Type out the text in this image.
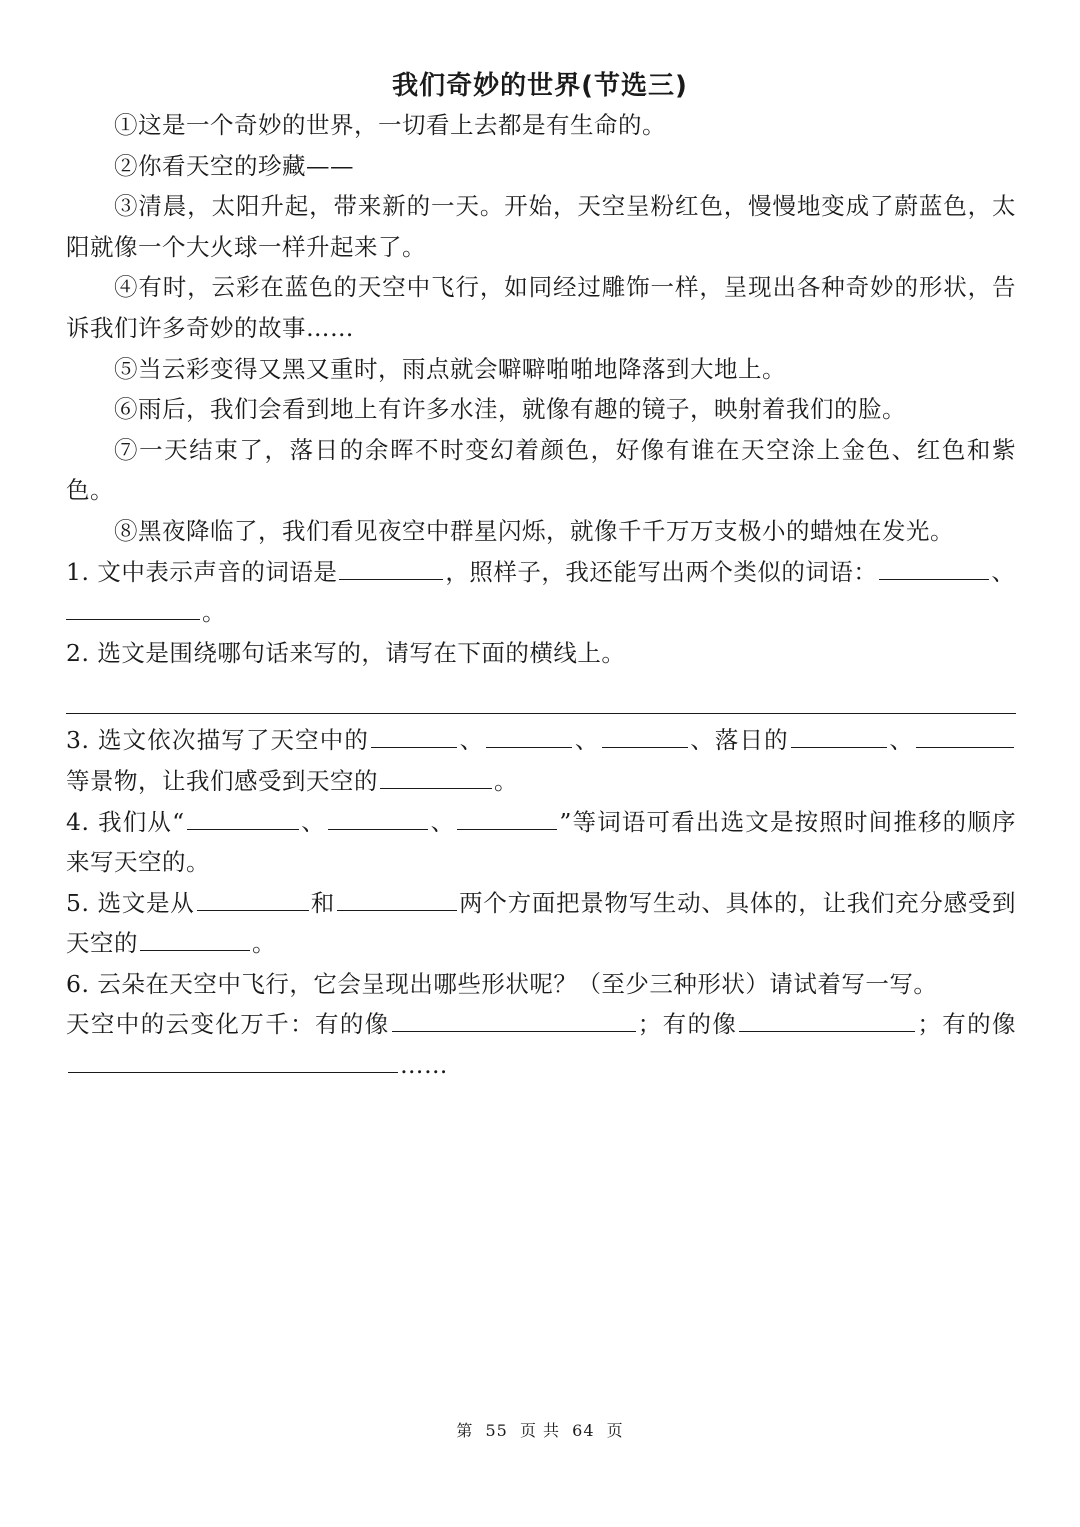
我们奇妙的世界(节选三)

①这是一个奇妙的世界，一切看上去都是有生命的。

②你看天空的珍藏——

③清晨，太阳升起，带来新的一天。开始，天空呈粉红色，慢慢地变成了蔚蓝色，太阳就像一个大火球一样升起来了。

④有时，云彩在蓝色的天空中飞行，如同经过雕饰一样，呈现出各种奇妙的形状，告诉我们许多奇妙的故事……

⑤当云彩变得又黑又重时，雨点就会噼噼啪啪地降落到大地上。

⑥雨后，我们会看到地上有许多水洼，就像有趣的镜子，映射着我们的脸。

⑦一天结束了，落日的余晖不时变幻着颜色，好像有谁在天空涂上金色、红色和紫色。

⑧黑夜降临了，我们看见夜空中群星闪烁，就像千千万万支极小的蜡烛在发光。

1. 文中表示声音的词语是	，照样子，我还能写出两个类似的词语：	、
。

2. 选文是围绕哪句话来写的，请写在下面的横线上。

3. 选文依次描写了天空中的	、	、	、落日的	、等景物，让我们感受到天空的	。

4. 我们从“	、	、	”等词语可看出选文是按照时间推移的顺序来写天空的。

5. 选文是从	和	两个方面把景物写生动、具体的，让我们充分感受到天空的	。

6. 云朵在天空中飞行，它会呈现出哪些形状呢？（至少三种形状）请试着写一写。

天空中的云变化万千：有的像	；有的像	；有的像……

第 55 页 共 64 页
